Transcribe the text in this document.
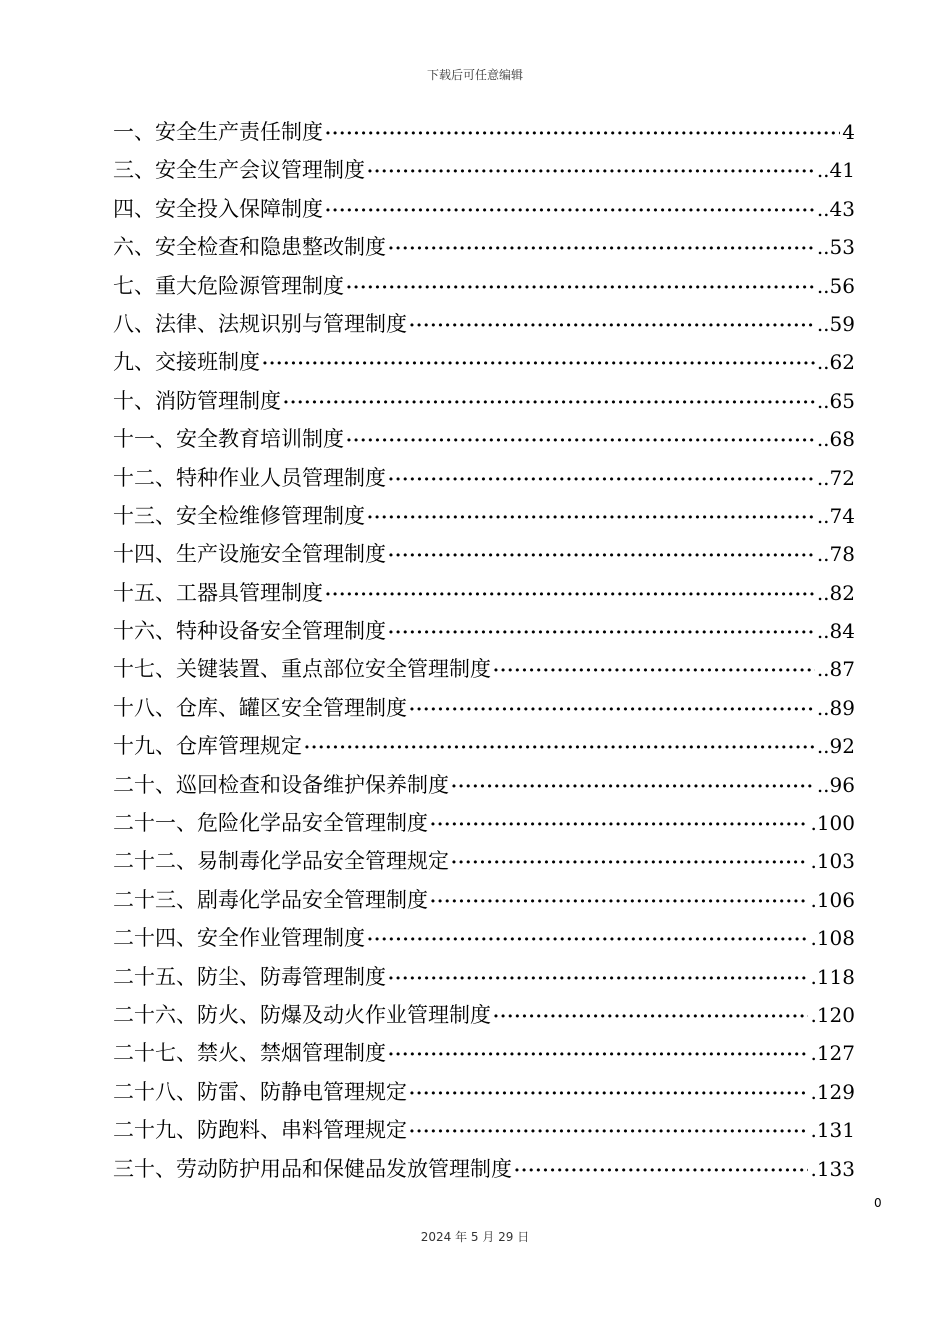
下载后可任意编辑
一、安全生产责任制度 ·····	4
三、安全生产会议管理制度 ·····	..41
四、安全投入保障制度 ·····	..43
六、安全检查和隐患整改制度 ·····	..53
七、重大危险源管理制度 ·····	..56
八、法律、法规识别与管理制度 ·····	..59
九、交接班制度 ·····	..62
十、消防管理制度 ·····	..65
十一、安全教育培训制度 ·····	..68
十二、特种作业人员管理制度 ·····	..72
十三、安全检维修管理制度 ·····	..74
十四、生产设施安全管理制度 ·····	..78
十五、工器具管理制度 ·····	..82
十六、特种设备安全管理制度 ·····	..84
十七、关键装置、重点部位安全管理制度 ·····	..87
十八、仓库、罐区安全管理制度 ·····	..89
十九、仓库管理规定 ·····	..92
二十、巡回检查和设备维护保养制度 ·····	..96
二十一、危险化学品安全管理制度 ·····	.100
二十二、易制毒化学品安全管理规定 ·····	.103
二十三、剧毒化学品安全管理制度 ·····	.106
二十四、安全作业管理制度 ·····	.108
二十五、防尘、防毒管理制度 ·····	.118
二十六、防火、防爆及动火作业管理制度 ·····	.120
二十七、禁火、禁烟管理制度 ·····	.127
二十八、防雷、防静电管理规定 ·····	.129
二十九、防跑料、串料管理规定 ·····	.131
三十、劳动防护用品和保健品发放管理制度 ·····	.133
0
2024 年 5 月 29 日
